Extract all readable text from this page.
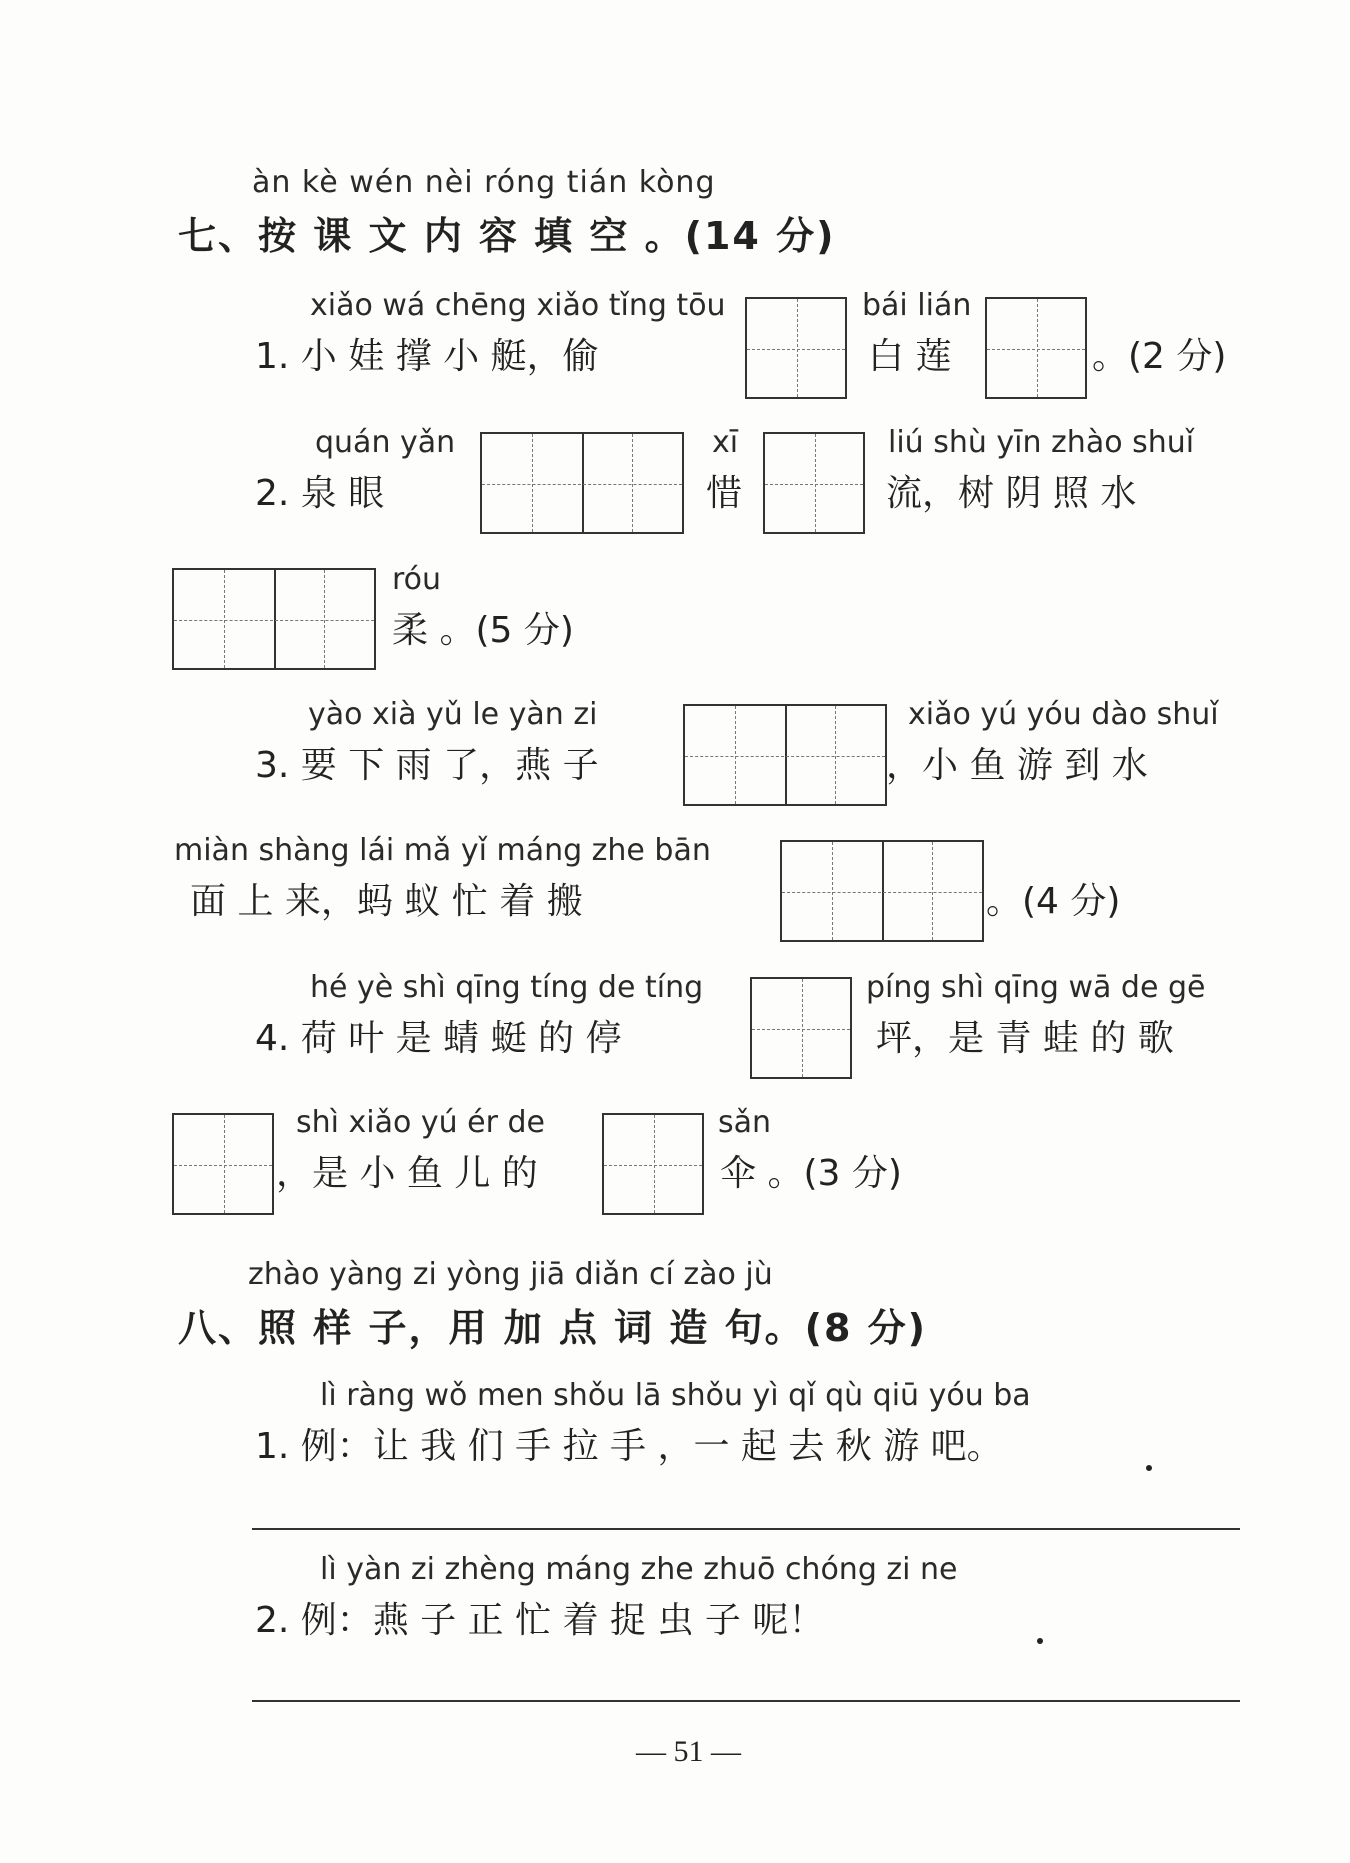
àn kè wén nèi róng tián kòng
七、按 课 文 内 容 填 空 。(14 分)
xiǎo wá chēng xiǎo tǐng tōu
1. 小 娃 撑 小 艇，偷
bái lián
白 莲	。(2 分)
quán yǎn
2. 泉 眼
xī
惜
liú shù yīn zhào shuǐ
流，树 阴 照 水
róu
柔 。(5 分)
yào xià yǔ le yàn zi
3. 要 下 雨 了，燕 子
xiǎo yú yóu dào shuǐ
，小 鱼 游 到 水
miàn shàng lái mǎ yǐ máng zhe bān
面 上 来，蚂 蚁 忙 着 搬	。(4 分)
hé yè shì qīng tíng de tíng
4. 荷 叶 是 蜻 蜓 的 停
píng shì qīng wā de gē
坪，是 青 蛙 的 歌
shì xiǎo yú ér de
，是 小 鱼 儿 的
sǎn
伞 。(3 分)
zhào yàng zi yòng jiā diǎn cí zào jù
八、照 样 子，用 加 点 词 造 句。(8 分)
lì ràng wǒ men shǒu lā shǒu yì qǐ qù qiū yóu ba
1. 例：让 我 们 手 拉 手 ，一 起 去 秋 游 吧。
lì yàn zi zhèng máng zhe zhuō chóng zi ne
2. 例：燕 子 正 忙 着 捉 虫 子 呢！
— 51 —
